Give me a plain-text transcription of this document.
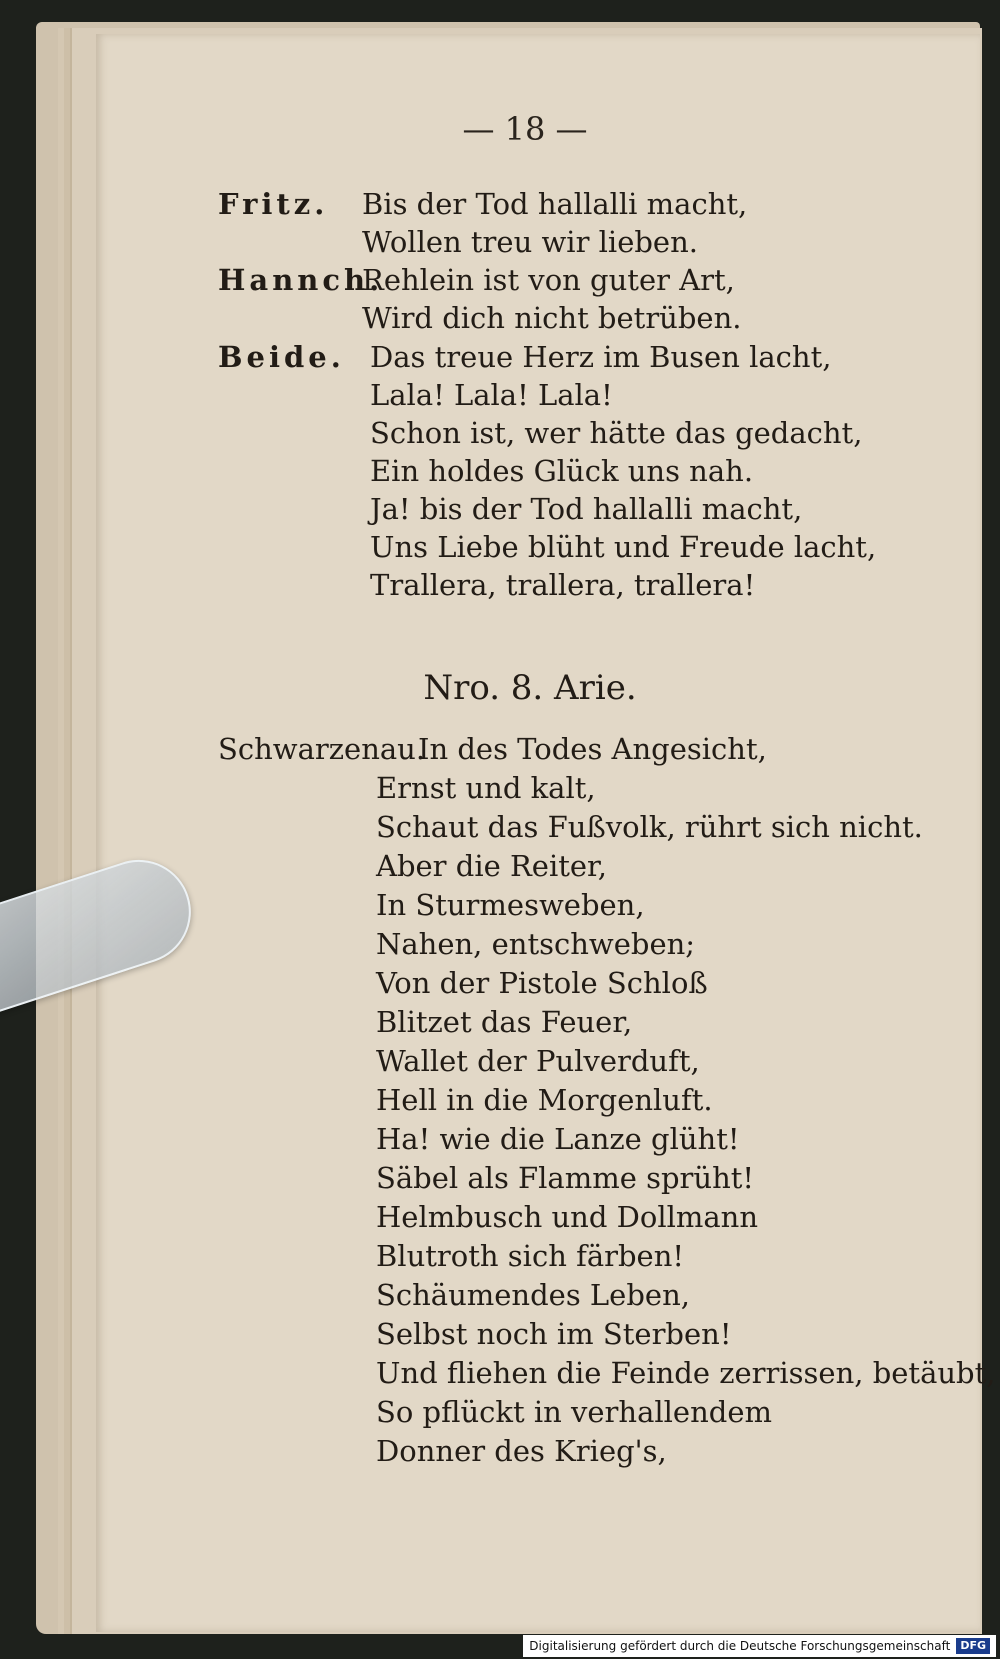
— 18 —

Fritz. Bis der Tod hallalli macht,
Wollen treu wir lieben.
Hannch.
Rehlein ist von guter Art,
Wird dich nicht betrüben.
Beide. Das treue Herz im Busen lacht,
Lala! Lala! Lala!
Schon ist, wer hätte das gedacht,
Ein holdes Glück uns nah.
Ja! bis der Tod hallalli macht,
Uns Liebe blüht und Freude lacht,
Trallera, trallera, trallera!
Nro. 8. Arie.
Schwarzenau.
In des Todes Angesicht,
Ernst und kalt,
Schaut das Fußvolk, rührt sich nicht.
Aber die Reiter,
In Sturmesweben,
Nahen, entschweben;
Von der Pistole Schloß
Blitzet das Feuer,
Wallet der Pulverduft,
Hell in die Morgenluft.
Ha! wie die Lanze glüht!
Säbel als Flamme sprüht!
Helmbusch und Dollmann
Blutroth sich färben!
Schäumendes Leben,
Selbst noch im Sterben!
Und fliehen die Feinde zerrissen, betäubt,
So pflückt in verhallendem
Donner des Krieg's,
Digitalisierung gefördert durch die Deutsche Forschungsgemeinschaft DFG
